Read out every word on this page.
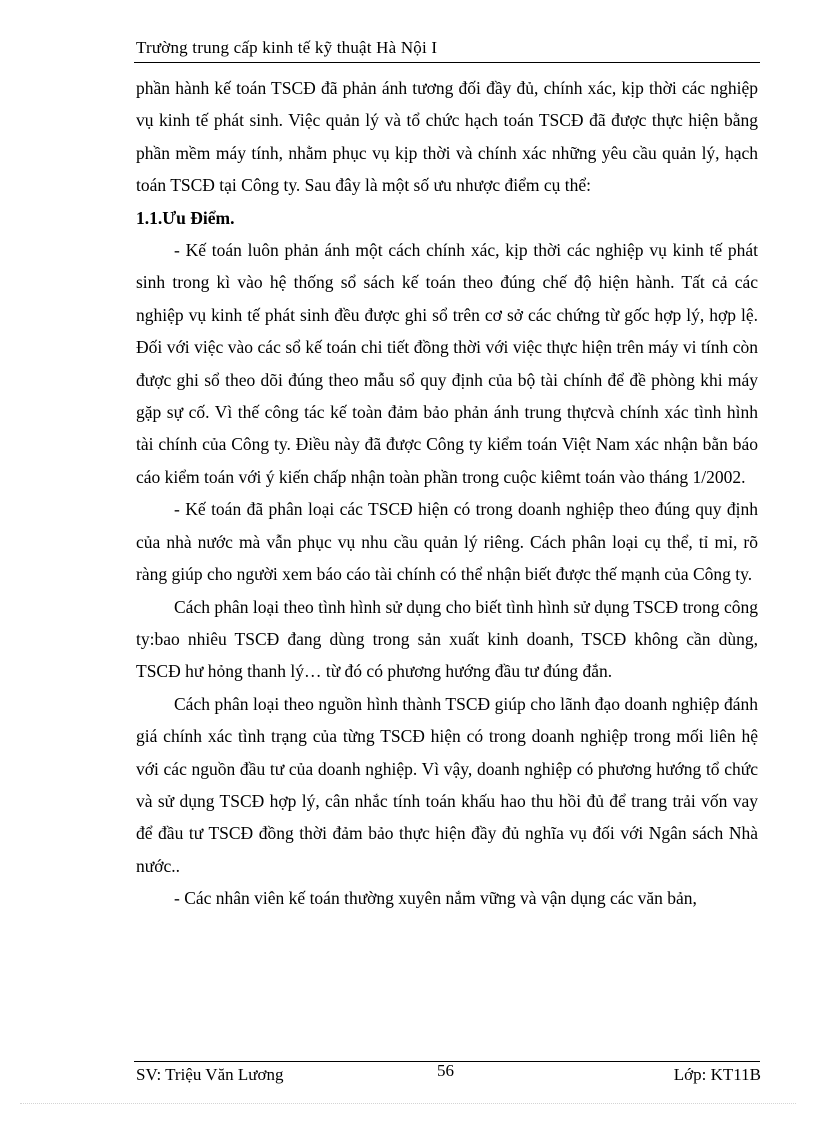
Trường trung cấp kinh tế kỹ thuật Hà Nội I

phần hành kế toán TSCĐ đã phản ánh tương đối đầy đủ, chính xác, kịp thời các nghiệp vụ kinh tế phát sinh. Việc quản lý và tổ chức hạch toán TSCĐ đã được thực hiện bằng phần mềm máy tính, nhằm phục vụ kịp thời và chính xác những yêu cầu quản lý, hạch toán TSCĐ tại Công ty. Sau đây là một số ưu nhược điểm cụ thể:

1.1.Ưu Điểm.

- Kế toán luôn phản ánh một cách chính xác, kịp thời các nghiệp vụ kinh tế phát sinh trong kì vào hệ thống sổ sách kế toán theo đúng chế độ hiện hành. Tất cả các nghiệp vụ kinh tế phát sinh đều được ghi sổ trên cơ sở các chứng từ gốc hợp lý, hợp lệ. Đối với việc vào các sổ kế toán chi tiết đồng thời với việc thực hiện trên máy vi tính còn được ghi sổ theo dõi đúng theo mẫu sổ quy định của bộ tài chính để đề phòng khi máy gặp sự cố. Vì thế công tác kế toàn đảm bảo phản ánh trung thựcvà chính xác tình hình tài chính của Công ty. Điều này đã được Công ty kiểm toán Việt Nam xác nhận bằn báo cáo kiểm toán với ý kiến chấp nhận toàn phần trong cuộc kiêmt toán vào tháng 1/2002.

- Kế toán đã phân loại các TSCĐ hiện có trong doanh nghiệp theo đúng quy định của nhà nước mà vẫn phục vụ nhu cầu quản lý riêng. Cách phân loại cụ thể, tỉ mỉ, rõ ràng giúp cho người xem báo cáo tài chính có thể nhận biết được thế mạnh của Công ty.

Cách phân loại theo tình hình sử dụng cho biết tình hình sử dụng TSCĐ trong công ty:bao nhiêu TSCĐ đang dùng trong sản xuất kinh doanh, TSCĐ không cần dùng, TSCĐ hư hỏng thanh lý… từ đó có phương hướng đầu tư đúng đắn.

Cách phân loại theo nguồn hình thành TSCĐ giúp cho lãnh đạo doanh nghiệp đánh giá chính xác tình trạng của từng TSCĐ hiện có trong doanh nghiệp trong mối liên hệ với các nguồn đầu tư của doanh nghiệp. Vì vậy, doanh nghiệp có phương hướng tổ chức và sử dụng TSCĐ hợp lý, cân nhắc tính toán khấu hao thu hồi đủ để trang trải vốn vay để đầu tư TSCĐ đồng thời đảm bảo thực hiện đầy đủ nghĩa vụ đối với Ngân sách Nhà nước..

- Các nhân viên kế toán thường xuyên nắm vững và vận dụng các văn bản,

SV: Triệu Văn Lương	56	Lớp: KT11B
